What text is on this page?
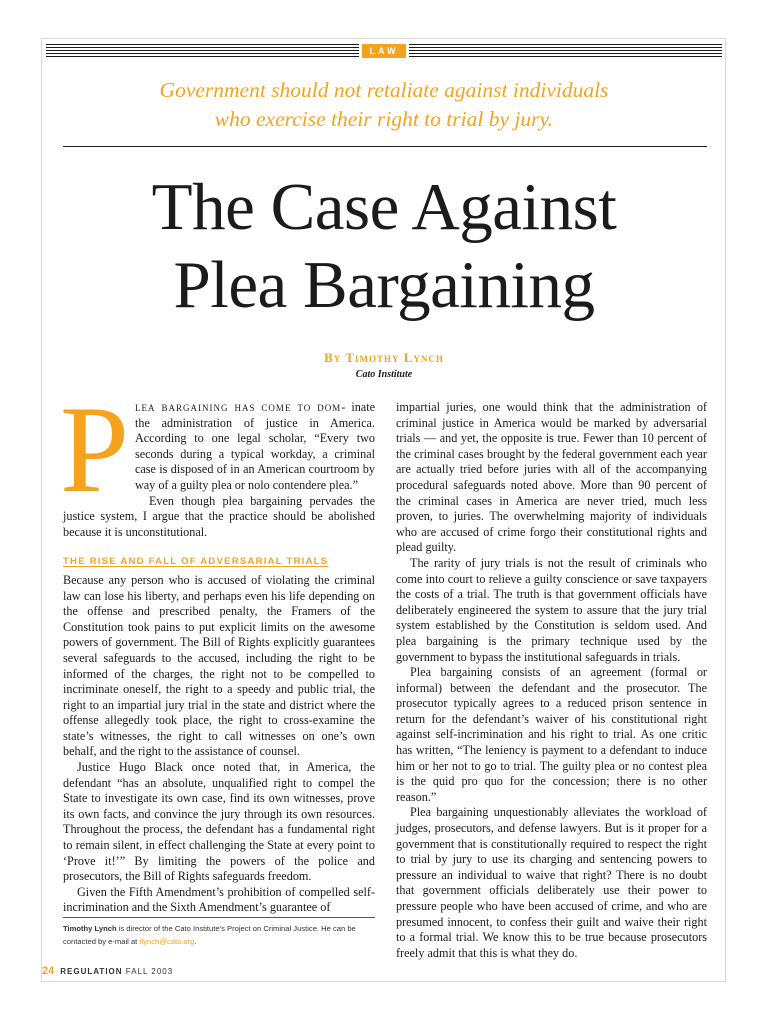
LAW
Government should not retaliate against individuals
who exercise their right to trial by jury.
The Case Against
Plea Bargaining
By Timothy Lynch
Cato Institute

Plea bargaining has come to dom- inate the administration of justice in America. According to one legal scholar, “Every two seconds during a typical workday, a criminal case is disposed of in an American courtroom by way of a guilty plea or nolo contendere plea.”

Even though plea bargaining pervades the justice system, I argue that the practice should be abolished because it is unconstitutional.

THE RISE AND FALL OF ADVERSARIAL TRIALS

Because any person who is accused of violating the criminal law can lose his liberty, and perhaps even his life depending on the offense and prescribed penalty, the Framers of the Constitution took pains to put explicit limits on the awesome powers of government. The Bill of Rights explicitly guarantees several safeguards to the accused, including the right to be informed of the charges, the right not to be compelled to incriminate oneself, the right to a speedy and public trial, the right to an impartial jury trial in the state and district where the offense allegedly took place, the right to cross-examine the state’s witnesses, the right to call witnesses on one’s own behalf, and the right to the assistance of counsel.

Justice Hugo Black once noted that, in America, the defendant “has an absolute, unqualified right to compel the State to investigate its own case, find its own witnesses, prove its own facts, and convince the jury through its own resources. Throughout the process, the defendant has a fundamental right to remain silent, in effect challenging the State at every point to ‘Prove it!’” By limiting the powers of the police and prosecutors, the Bill of Rights safeguards freedom.

Given the Fifth Amendment’s prohibition of compelled self-incrimination and the Sixth Amendment’s guarantee of

impartial juries, one would think that the administration of criminal justice in America would be marked by adversarial trials — and yet, the opposite is true. Fewer than 10 percent of the criminal cases brought by the federal government each year are actually tried before juries with all of the accompanying procedural safeguards noted above. More than 90 percent of the criminal cases in America are never tried, much less proven, to juries. The overwhelming majority of individuals who are accused of crime forgo their constitutional rights and plead guilty.

The rarity of jury trials is not the result of criminals who come into court to relieve a guilty conscience or save taxpayers the costs of a trial. The truth is that government officials have deliberately engineered the system to assure that the jury trial system established by the Constitution is seldom used. And plea bargaining is the primary technique used by the government to bypass the institutional safeguards in trials.

Plea bargaining consists of an agreement (formal or informal) between the defendant and the prosecutor. The prosecutor typically agrees to a reduced prison sentence in return for the defendant’s waiver of his constitutional right against self-incrimination and his right to trial. As one critic has written, “The leniency is payment to a defendant to induce him or her not to go to trial. The guilty plea or no contest plea is the quid pro quo for the concession; there is no other reason.”

Plea bargaining unquestionably alleviates the workload of judges, prosecutors, and defense lawyers. But is it proper for a government that is constitutionally required to respect the right to trial by jury to use its charging and sentencing powers to pressure an individual to waive that right? There is no doubt that government officials deliberately use their power to pressure people who have been accused of crime, and who are presumed innocent, to confess their guilt and waive their right to a formal trial. We know this to be true because prosecutors freely admit that this is what they do.

Timothy Lynch is director of the Cato Institute’s Project on Criminal Justice. He can be contacted by e-mail at tlynch@cato.org.
24 REGULATION FALL 2003
